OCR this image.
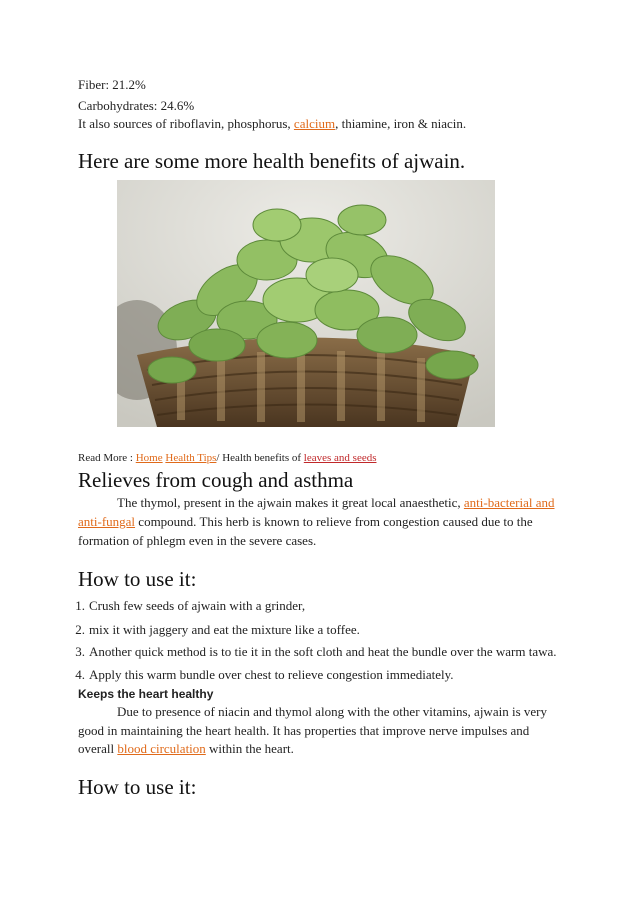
Fiber: 21.2%
Carbohydrates: 24.6%
It also sources of riboflavin, phosphorus, calcium, thiamine, iron & niacin.
Here are some more health benefits of ajwain.
Read More : Home Health Tips/ Health benefits of leaves and seeds
Relieves from cough and asthma
The thymol, present in the ajwain makes it great local anaesthetic, anti-bacterial and
anti-fungal compound. This herb is known to relieve from congestion caused due to the
formation of phlegm even in the severe cases.
How to use it:
1. Crush few seeds of ajwain with a grinder,
2. mix it with jaggery and eat the mixture like a toffee.
3. Another quick method is to tie it in the soft cloth and heat the bundle over the warm tawa.
4. Apply this warm bundle over chest to relieve congestion immediately.
Keeps the heart healthy
Due to presence of niacin and thymol along with the other vitamins, ajwain is very
good in maintaining the heart health. It has properties that improve nerve impulses and
overall blood circulation within the heart.
How to use it:
